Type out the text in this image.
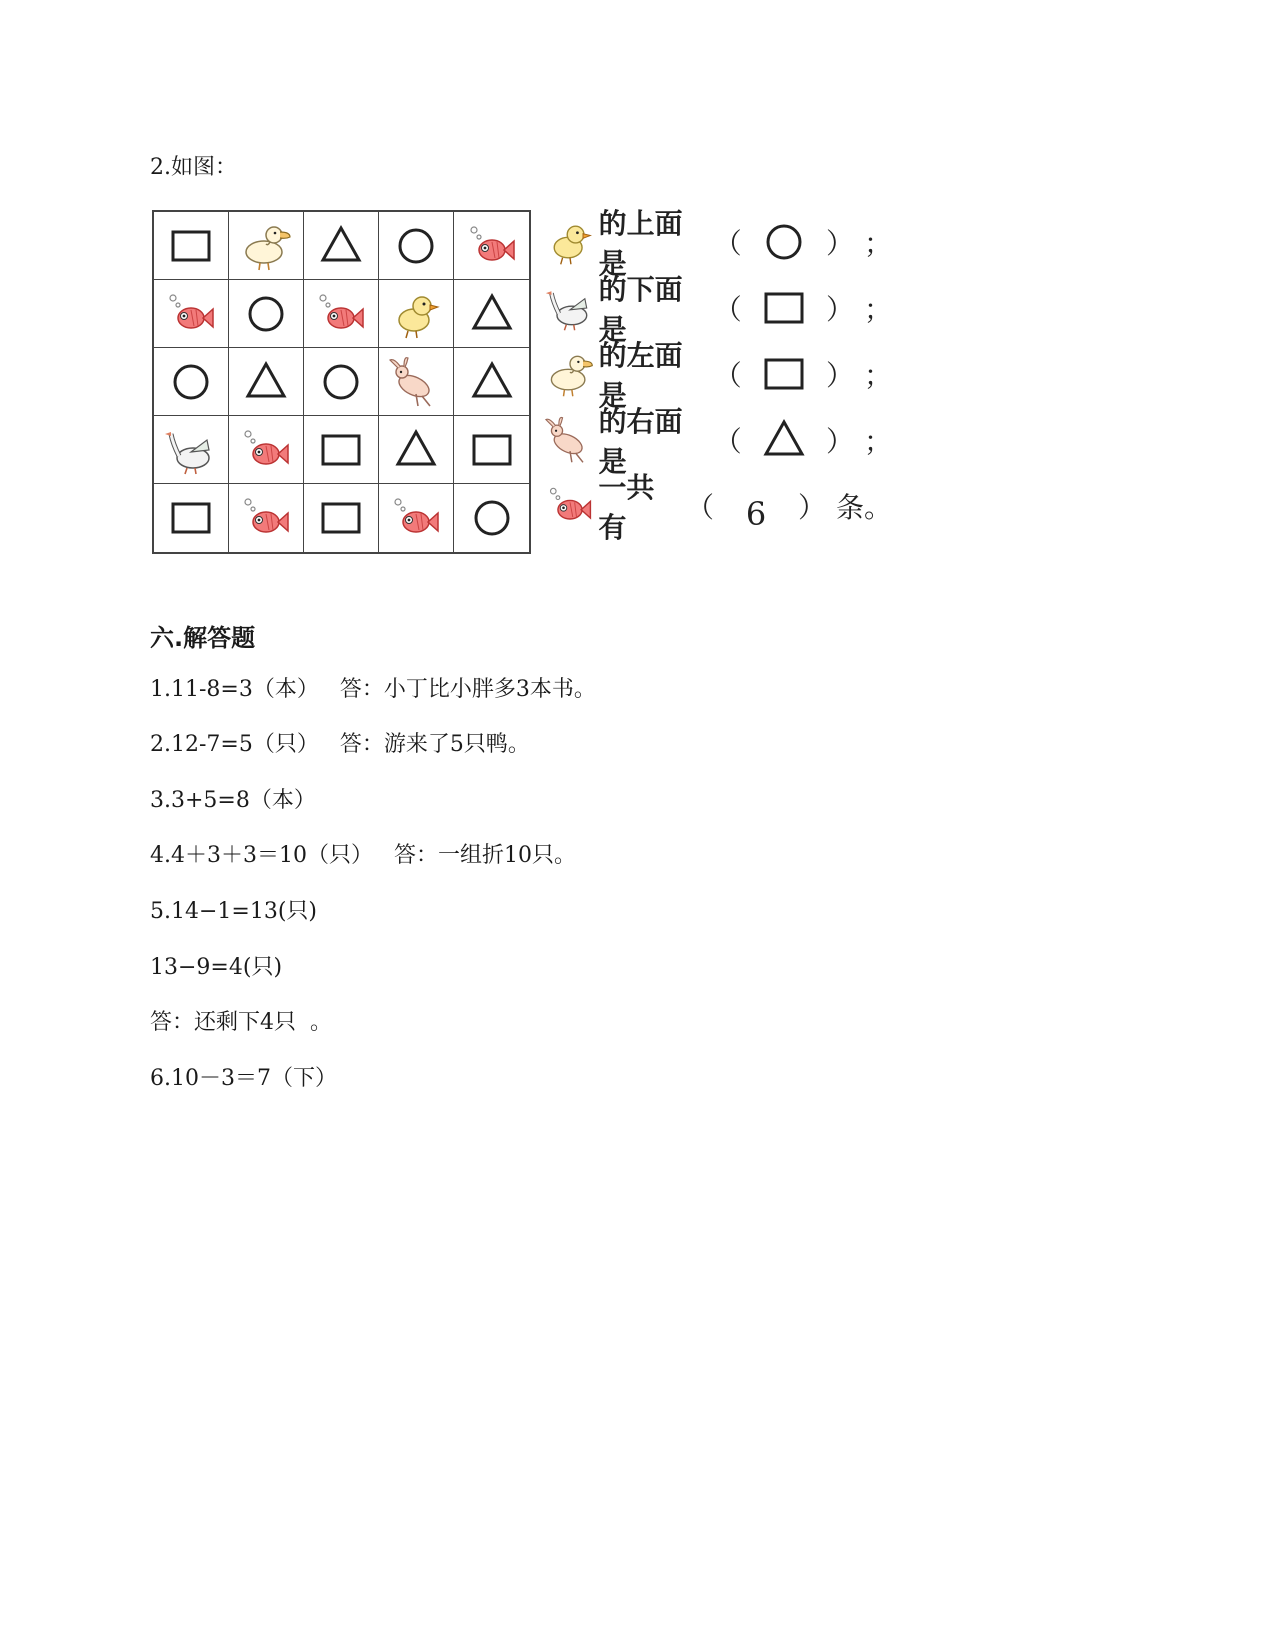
2.如图：
的上面是
（	） ；
的下面是
（	） ；
的左面是
（	） ；
的右面是
（	） ；
一共有
（ 6 ） 条。
六.解答题
1.11-8=3（本）   答：小丁比小胖多3本书。
2.12-7=5（只）   答：游来了5只鸭。
3.3+5=8（本）
4.4＋3＋3＝10（只）   答：一组折10只。
5.14−1=13(只)
13−9=4(只)
答：还剩下4只  。
6.10－3＝7（下）
